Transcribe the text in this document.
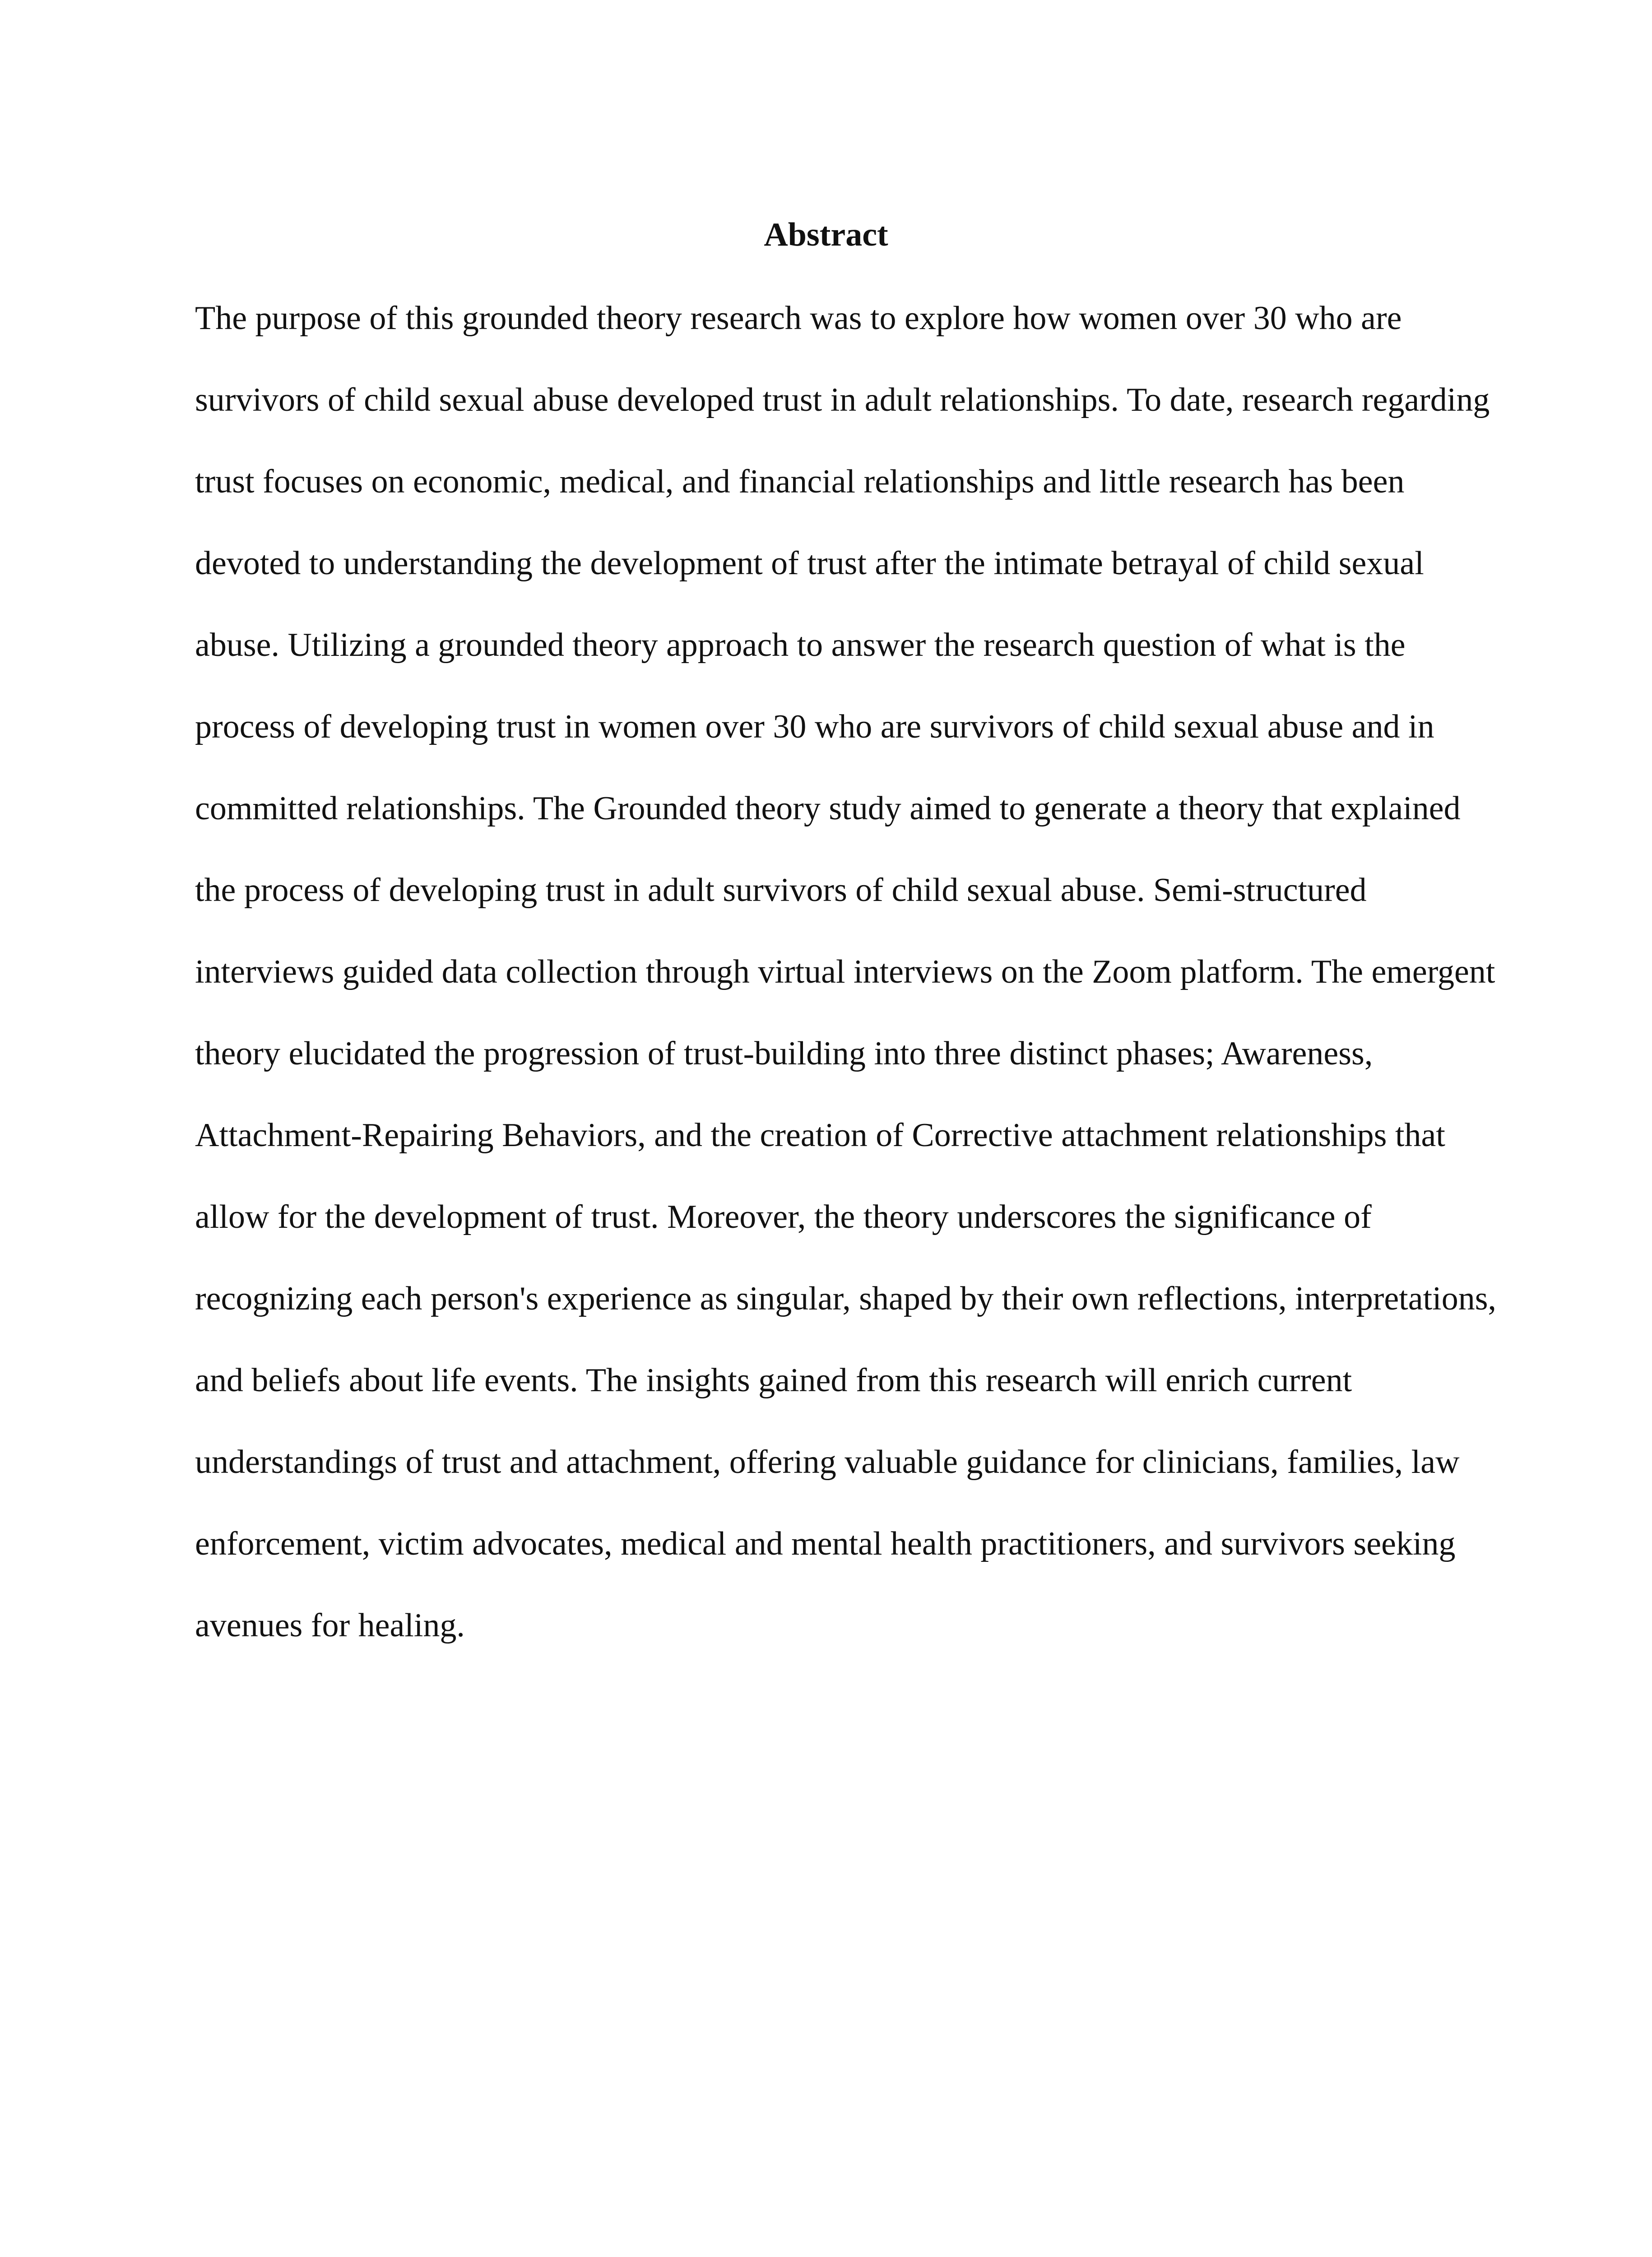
Abstract
The purpose of this grounded theory research was to explore how women over 30 who are
survivors of child sexual abuse developed trust in adult relationships. To date, research regarding
trust focuses on economic, medical, and financial relationships and little research has been
devoted to understanding the development of trust after the intimate betrayal of child sexual
abuse. Utilizing a grounded theory approach to answer the research question of what is the
process of developing trust in women over 30 who are survivors of child sexual abuse and in
committed relationships. The Grounded theory study aimed to generate a theory that explained
the process of developing trust in adult survivors of child sexual abuse. Semi-structured
interviews guided data collection through virtual interviews on the Zoom platform. The emergent
theory elucidated the progression of trust-building into three distinct phases; Awareness,
Attachment-Repairing Behaviors, and the creation of Corrective attachment relationships that
allow for the development of trust. Moreover, the theory underscores the significance of
recognizing each person's experience as singular, shaped by their own reflections, interpretations,
and beliefs about life events. The insights gained from this research will enrich current
understandings of trust and attachment, offering valuable guidance for clinicians, families, law
enforcement, victim advocates, medical and mental health practitioners, and survivors seeking
avenues for healing.
